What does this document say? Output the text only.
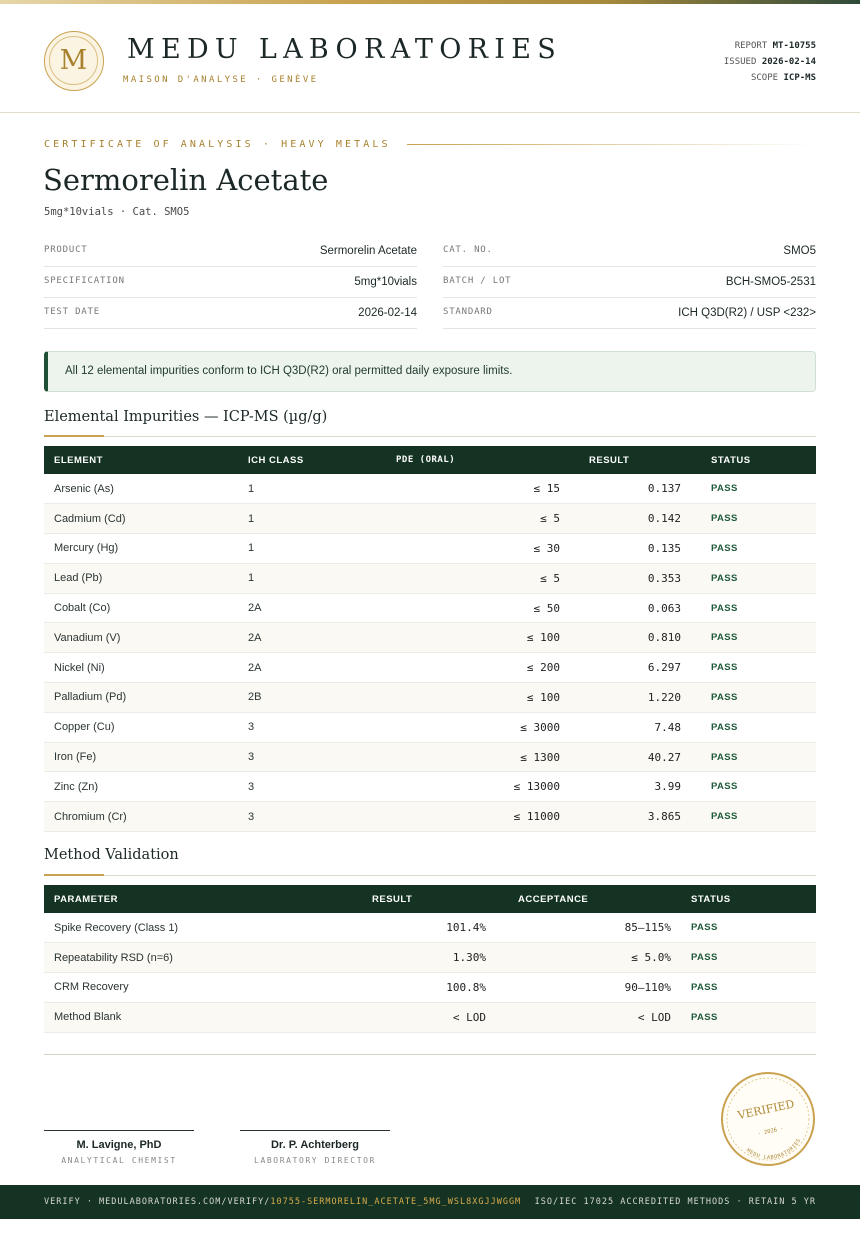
M	MEDU LABORATORIES
MAISON D'ANALYSE · GENÈVE
REPORT MT-10755
ISSUED 2026-02-14
SCOPE ICP-MS
CERTIFICATE OF ANALYSIS · HEAVY METALS
Sermorelin Acetate
5mg*10vials · Cat. SMO5
PRODUCT	Sermorelin Acetate
SPECIFICATION	5mg*10vials
TEST DATE	2026-02-14
CAT. NO.	SMO5
BATCH / LOT	BCH-SMO5-2531
STANDARD	ICH Q3D(R2) / USP <232>
All 12 elemental impurities conform to ICH Q3D(R2) oral permitted daily exposure limits.
Elemental Impurities — ICP-MS (µg/g)
ELEMENT	ICH CLASS	PDE (ORAL)	RESULT	STATUS
Arsenic (As)	1	≤ 15	0.137	PASS
Cadmium (Cd)	1	≤ 5	0.142	PASS
Mercury (Hg)	1	≤ 30	0.135	PASS
Lead (Pb)	1	≤ 5	0.353	PASS
Cobalt (Co)	2A	≤ 50	0.063	PASS
Vanadium (V)	2A	≤ 100	0.810	PASS
Nickel (Ni)	2A	≤ 200	6.297	PASS
Palladium (Pd)	2B	≤ 100	1.220	PASS
Copper (Cu)	3	≤ 3000	7.48	PASS
Iron (Fe)	3	≤ 1300	40.27	PASS
Zinc (Zn)	3	≤ 13000	3.99	PASS
Chromium (Cr)	3	≤ 11000	3.865	PASS
Method Validation
PARAMETER	RESULT	ACCEPTANCE	STATUS
Spike Recovery (Class 1)	101.4%	85–115%	PASS
Repeatability RSD (n=6)	1.30%	≤ 5.0%	PASS
CRM Recovery	100.8%	90–110%	PASS
Method Blank	< LOD	< LOD	PASS
M. Lavigne, PhD
ANALYTICAL CHEMIST
Dr. P. Achterberg
LABORATORY DIRECTOR
VERIFIED
MEDU LABORATORIES
· 2026 ·
VERIFY · MEDULABORATORIES.COM/VERIFY/10755-SERMORELIN_ACETATE_5MG_WSL8XGJJWGGM ISO/IEC 17025 ACCREDITED METHODS · RETAIN 5 YR
